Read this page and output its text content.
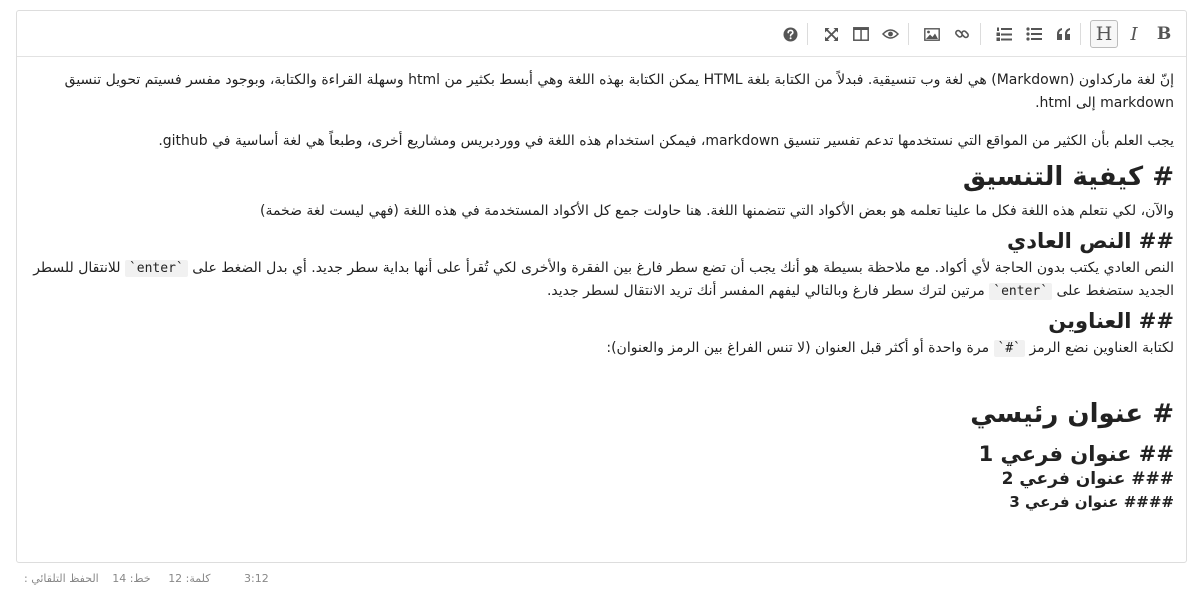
B
I
H

إنّ لغة ماركداون (Markdown) هي لغة وب تنسيقية. فبدلاً من الكتابة بلغة HTML يمكن الكتابة بهذه اللغة وهي أبسط بكثير من html وسهلة القراءة والكتابة، وبوجود مفسر فسيتم تحويل تنسيق markdown إلى html.

يجب العلم بأن الكثير من المواقع التي نستخدمها تدعم تفسير تنسيق markdown، فيمكن استخدام هذه اللغة في ووردبريس ومشاريع أخرى، وطبعاً هي لغة أساسية في github.

# كيفية التنسيق

والآن، لكي نتعلم هذه اللغة فكل ما علينا تعلمه هو بعض الأكواد التي تتضمنها اللغة. هنا حاولت جمع كل الأكواد المستخدمة في هذه اللغة (فهي ليست لغة ضخمة)

## النص العادي

النص العادي يكتب بدون الحاجة لأي أكواد. مع ملاحظة بسيطة هو أنك يجب أن تضع سطر فارغ بين الفقرة والأخرى لكي تُقرأ على أنها بداية سطر جديد. أي بدل الضغط على `enter` للانتقال للسطر الجديد ستضغط على `enter` مرتين لترك سطر فارغ وبالتالي ليفهم المفسر أنك تريد الانتقال لسطر جديد.

## العناوين

لكتابة العناوين نضع الرمز `#` مرة واحدة أو أكثر قبل العنوان (لا تنس الفراغ بين الرمز والعنوان):

# عنوان رئيسي
## عنوان فرعي 1
### عنوان فرعي 2
#### عنوان فرعي 3
3:12 كلمة: 12 خط: 14 الحفظ التلقائي :
